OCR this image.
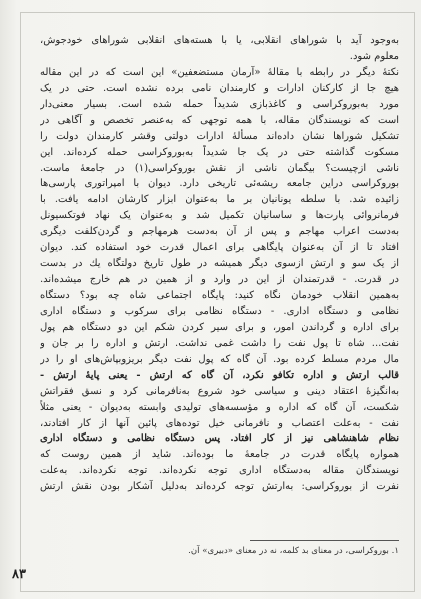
به‌وجود آید با شوراهای انقلابی، یا با هسته‌های انقلابی شوراهای خودجوش،
معلوم شود.
نکتهٔ دیگر در رابطه با مقالهٔ «آرمان مستضعفین» این است که در این مقاله
هیچ جا از کارکنان ادارات و کارمندان نامی برده نشده است. حتی در یک
مورد به‌بوروکراسی و کاغذبازی شدیداً حمله شده است. بسیار معنی‌دار
است که نویسندگان مقاله، با همه توجهی که به‌عنصر تخصص و آگاهی در
تشکیل شوراها نشان داده‌اند مسألهٔ ادارات دولتی وقشر کارمندان دولت را
مسکوت گذاشته حتی در یک جا شدیداً به‌بوروکراسی حمله کرده‌اند. این
ناشی ازچیست؟ بیگمان ناشی از نقش بوروکراسی(۱) در جامعهٔ ماست.
بوروکراسی دراین جامعه ریشه‌ئی تاریخی دارد. دیوان با امپراتوری پارسی‌ها
زائیده شد. با سلطه یونانیان بر ما به‌عنوان ابزار کارشان ادامه یافت. با
فرمانروائی پارت‌ها و ساسانیان تکمیل شد و به‌عنوان یک نهاد فوتکسیونل
به‌دست اعراب مهاجم و پس از آن به‌دست هرمهاجم و گردن‌کلفت دیگری
افتاد تا از آن به‌عنوان پایگاهی برای اعمال قدرت خود استفاده کند. دیوان
از یک سو و ارتش ازسوی دیگر همیشه در طول تاریخ دولتگاه یك در بدست
در قدرت. - قدرتمندان از این در وارد و از همین در هم خارج میشده‌اند.
به‌همین انقلاب خودمان نگاه کنید: پایگاه اجتماعی شاه چه بود؟ دستگاه
نظامی و دستگاه اداری. - دستگاه نظامی برای سرکوب و دستگاه اداری
برای اداره و گرداندن امور، و برای سیر کردن شکم این دو دستگاه هم پول
نفت... شاه تا پول نفت را داشت غمی نداشت. ارتش و اداره را بر جان و
مال مردم مسلط کرده بود. آن گاه که پول نفت دیگر بریزوبپاش‌های او را در
قالب ارتش و اداره تکافو نکرد، آن گاه که ارتش - یعنی پایهٔ ارتش -
به‌انگیزهٔ اعتقاد دینی و سیاسی خود شروع به‌نافرمانی کرد و نسق فقراتش
شکست، آن گاه که اداره و مؤسسه‌های تولیدی وابسته به‌دیوان - یعنی مثلاً
نفت - به‌علت اعتصاب و نافرمانی خیل توده‌های پائین آنها از کار افتادند،
نظام شاهنشاهی نیز از کار افتاد. پس دستگاه نظامی و دستگاه اداری
همواره پایگاه قدرت در جامعهٔ ما بوده‌اند. شاید از همین روست که
نویسندگان مقاله به‌دستگاه اداری توجه نکرده‌اند. توجه نکرده‌اند. به‌علت
نفرت از بوروکراسی: به‌ارتش توجه کرده‌اند به‌دلیل آشکار بودن نقش ارتش
۱. بوروکراسی، در معنای بد کلمه، نه در معنای «دبیری» آن.
۸۳
